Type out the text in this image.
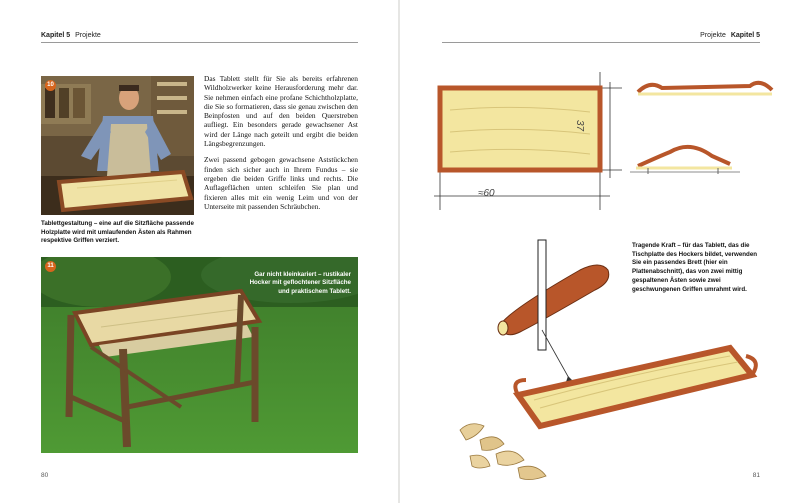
Kapitel 5 Projekte
10
Tablettgestaltung – eine auf die Sitzfläche passende Holzplatte wird mit umlaufenden Ästen als Rahmen respektive Griffen verziert.

Das Tablett stellt für Sie als bereits erfahrenen Wildholzwerker keine Herausforderung mehr dar. Sie nehmen einfach eine profane Schichtholzplatte, die Sie so formatieren, dass sie genau zwischen den Beinpfosten und auf den beiden Querstreben aufliegt. Ein besonders gerade gewachsener Ast wird der Länge nach geteilt und ergibt die beiden Längsbegrenzungen.

Zwei passend gebogen gewachsene Aststückchen finden sich sicher auch in Ihrem Fundus – sie ergeben die beiden Griffe links und rechts. Die Auflageflächen unten schleifen Sie plan und fixieren alles mit ein wenig Leim und von der Unterseite mit passenden Schräubchen.

11
Gar nicht kleinkariert – rustikaler Hocker mit geflochtener Sitzfläche und praktischem Tablett.
80
Projekte Kapitel 5
≈60
37
Tragende Kraft – für das Tablett, das die Tischplatte des Hockers bildet, verwenden Sie ein passendes Brett (hier ein Plattenabschnitt), das von zwei mittig gespaltenen Ästen sowie zwei geschwungenen Griffen umrahmt wird.
81
